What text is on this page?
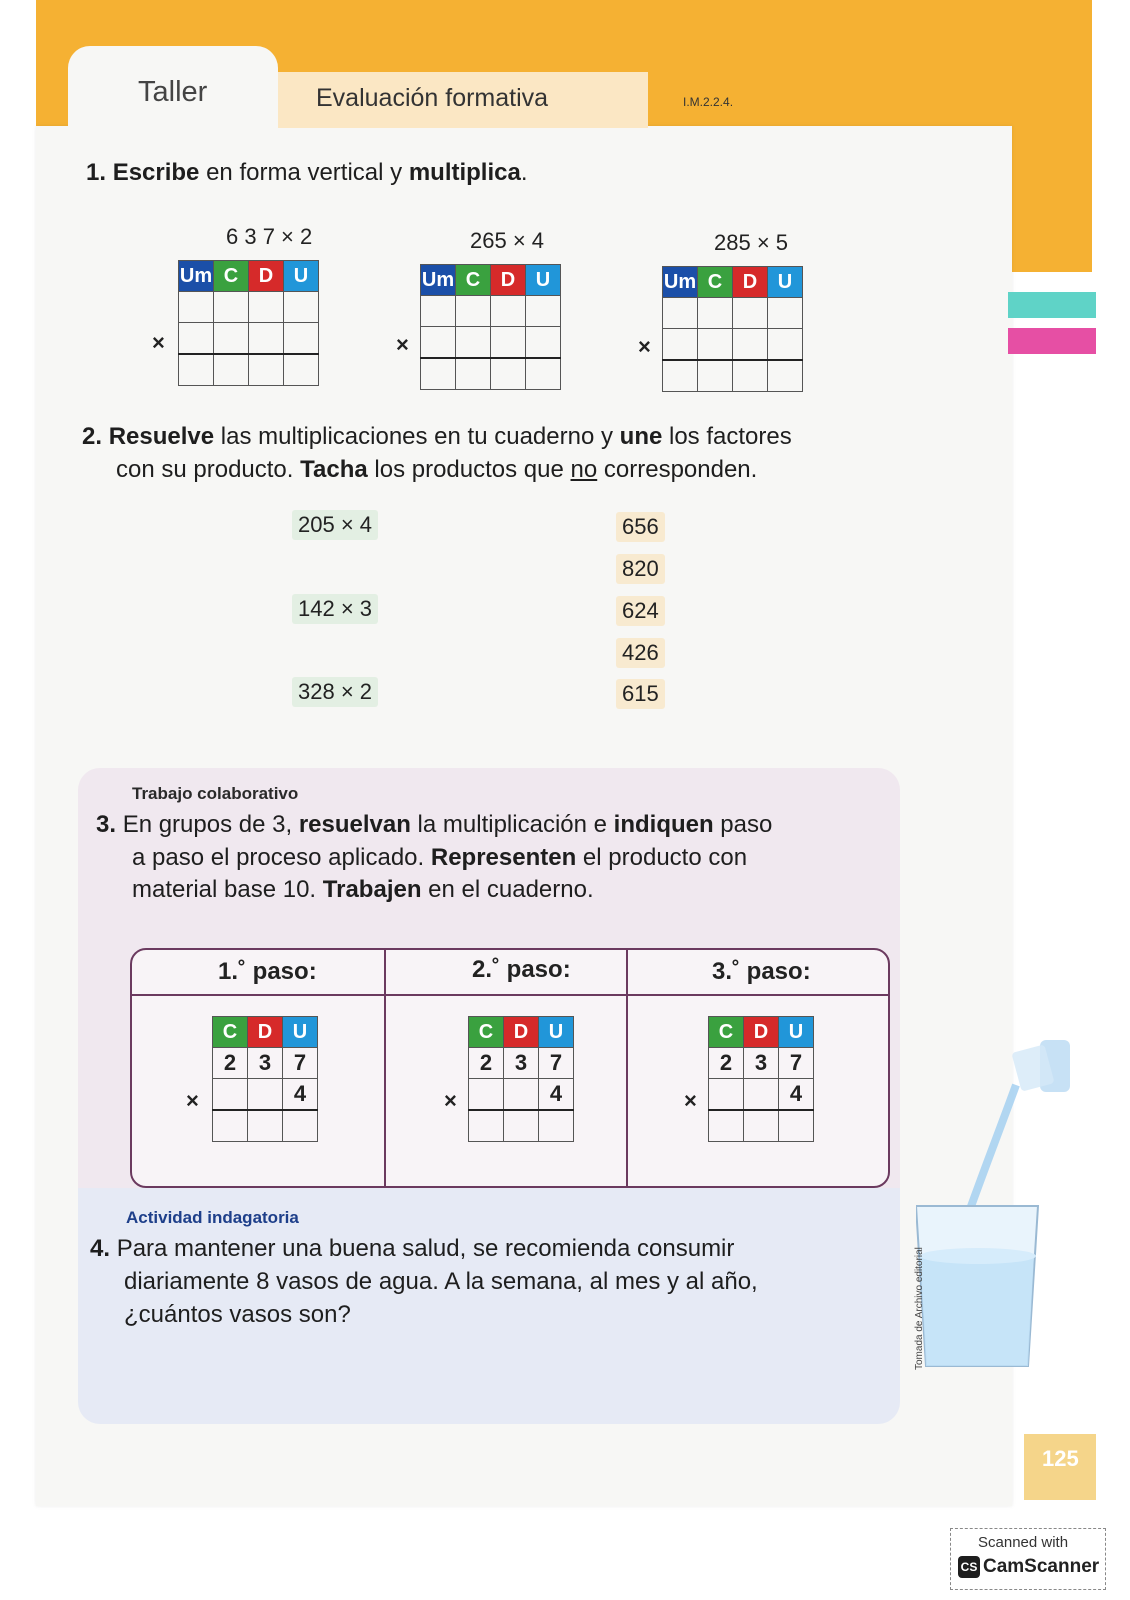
Taller	Evaluación formativa	I.M.2.2.4.
1. Escribe en forma vertical y multiplica.
6 3 7 × 2
Um	C	D	U

×
265 × 4
Um	C	D	U

×
285 × 5
Um	C	D	U

×
2. Resuelve las multiplicaciones en tu cuaderno y une los factores
con su producto. Tacha los productos que no corresponden.
205 × 4
142 × 3
328 × 2
656
820
624
426
615
Trabajo colaborativo
3. En grupos de 3, resuelvan la multiplicación e indiquen paso
a paso el proceso aplicado. Representen el producto con
material base 10. Trabajen en el cuaderno.
1.˚ paso:	2.˚ paso:	3.˚ paso:
C	D	U
2	3	7
		4

×
C	D	U
2	3	7
		4

×
C	D	U
2	3	7
		4

×
Actividad indagatoria
4. Para mantener una buena salud, se recomienda consumir
diariamente 8 vasos de agua. A la semana, al mes y al año,
¿cuántos vasos son?	Tomada de Archivo editorial
125
Scanned with
CS CamScanner
